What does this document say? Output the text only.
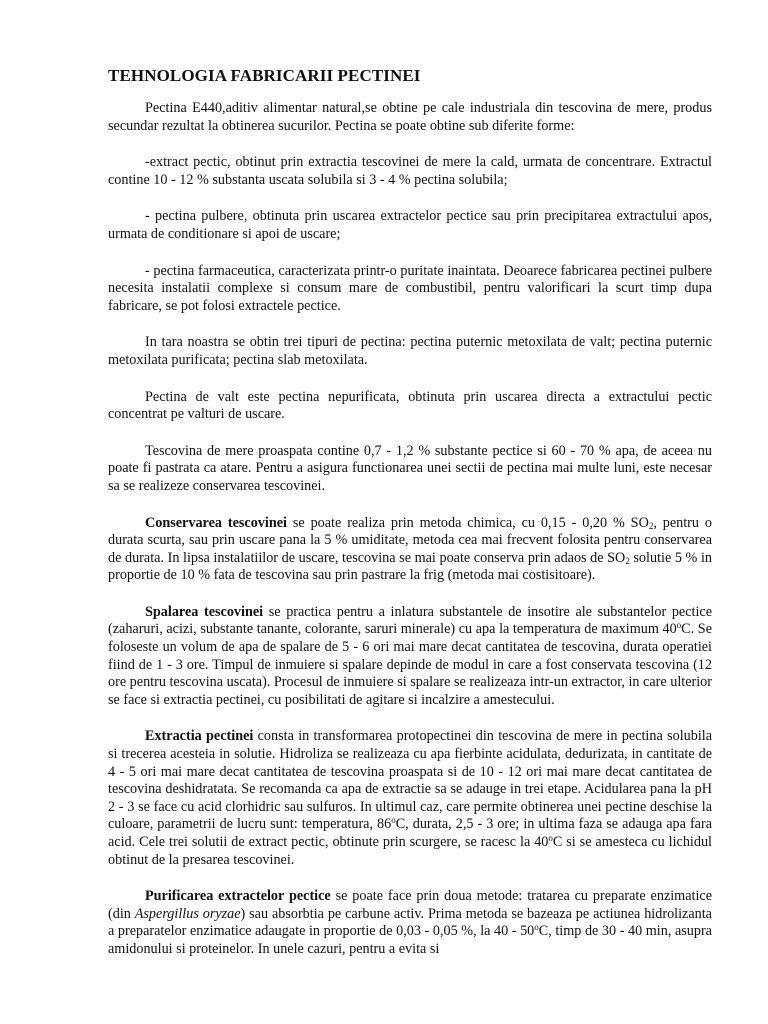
TEHNOLOGIA FABRICARII PECTINEI

Pectina E440,aditiv alimentar natural,se obtine pe cale industriala din tescovina de mere, produs secundar rezultat la obtinerea sucurilor. Pectina se poate obtine sub diferite forme:

-extract pectic, obtinut prin extractia tescovinei de mere la cald, urmata de concentrare. Extractul contine 10 - 12 % substanta uscata solubila si 3 - 4 % pectina solubila;

- pectina pulbere, obtinuta prin uscarea extractelor pectice sau prin precipitarea extractului apos, urmata de conditionare si apoi de uscare;

- pectina farmaceutica, caracterizata printr-o puritate inaintata. Deoarece fabricarea pectinei pulbere necesita instalatii complexe si consum mare de combustibil, pentru valorificari la scurt timp dupa fabricare, se pot folosi extractele pectice.

In tara noastra se obtin trei tipuri de pectina: pectina puternic metoxilata de valt; pectina puternic metoxilata purificata; pectina slab metoxilata.

Pectina de valt este pectina nepurificata, obtinuta prin uscarea directa a extractului pectic concentrat pe valturi de uscare.

Tescovina de mere proaspata contine 0,7 - 1,2 % substante pectice si 60 - 70 % apa, de aceea nu poate fi pastrata ca atare. Pentru a asigura functionarea unei sectii de pectina mai multe luni, este necesar sa se realizeze conservarea tescovinei.

Conservarea tescovinei se poate realiza prin metoda chimica, cu 0,15 - 0,20 % $SO_2$, pentru o durata scurta, sau prin uscare pana la 5 % umiditate, metoda cea mai frecvent folosita pentru conservarea de durata. In lipsa instalatiilor de uscare, tescovina se mai poate conserva prin adaos de $SO_2$ solutie 5 % in proportie de 10 % fata de tescovina sau prin pastrare la frig (metoda mai costisitoare).

Spalarea tescovinei se practica pentru a inlatura substantele de insotire ale substantelor pectice (zaharuri, acizi, substante tanante, colorante, saruri minerale) cu apa la temperatura de maximum 40$^o$C. Se foloseste un volum de apa de spalare de 5 - 6 ori mai mare decat cantitatea de tescovina, durata operatiei fiind de 1 - 3 ore. Timpul de inmuiere si spalare depinde de modul in care a fost conservata tescovina (12 ore pentru tescovina uscata). Procesul de inmuiere si spalare se realizeaza intr-un extractor, in care ulterior se face si extractia pectinei, cu posibilitati de agitare si incalzire a amestecului.

Extractia pectinei consta in transformarea protopectinei din tescovina de mere in pectina solubila si trecerea acesteia in solutie. Hidroliza se realizeaza cu apa fierbinte acidulata, dedurizata, in cantitate de 4 - 5 ori mai mare decat cantitatea de tescovina proaspata si de 10 - 12 ori mai mare decat cantitatea de tescovina deshidratata. Se recomanda ca apa de extractie sa se adauge in trei etape. Acidularea pana la pH 2 - 3 se face cu acid clorhidric sau sulfuros. In ultimul caz, care permite obtinerea unei pectine deschise la culoare, parametrii de lucru sunt: temperatura, 86$^o$C, durata, 2,5 - 3 ore; in ultima faza se adauga apa fara acid. Cele trei solutii de extract pectic, obtinute prin scurgere, se racesc la 40$^o$C si se amesteca cu lichidul obtinut de la presarea tescovinei.

Purificarea extractelor pectice se poate face prin doua metode: tratarea cu preparate enzimatice (din Aspergillus oryzae) sau absorbtia pe carbune activ. Prima metoda se bazeaza pe actiunea hidrolizanta a preparatelor enzimatice adaugate in proportie de 0,03 - 0,05 %, la 40 - 50$^o$C, timp de 30 - 40 min, asupra amidonului si proteinelor. In unele cazuri, pentru a evita si
